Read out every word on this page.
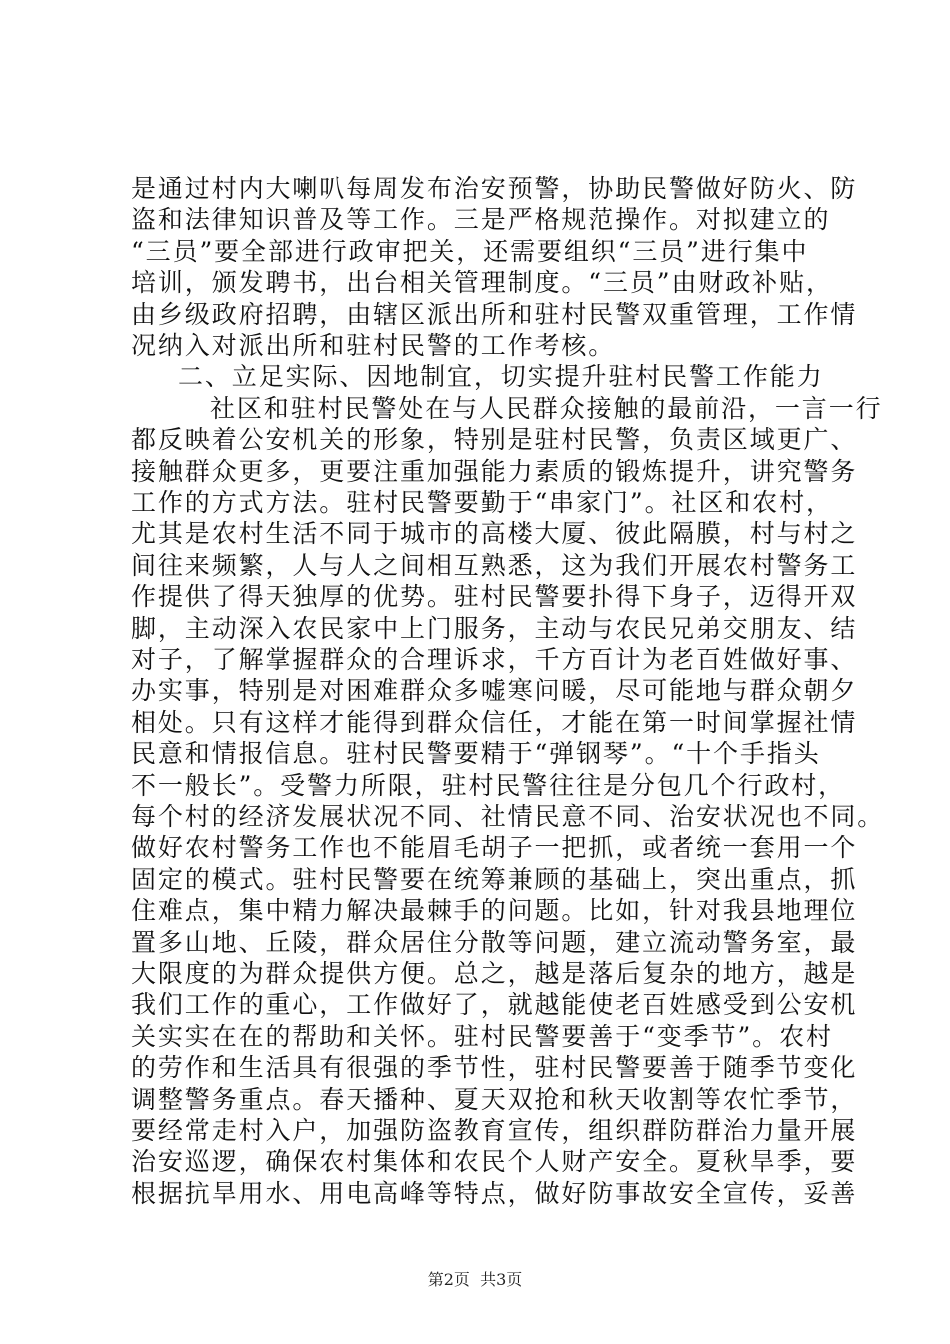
是通过村内大喇叭每周发布治安预警，协助民警做好防火、防
盗和法律知识普及等工作。三是严格规范操作。对拟建立的
“三员”要全部进行政审把关，还需要组织“三员”进行集中
培训，颁发聘书，出台相关管理制度。“三员”由财政补贴，
由乡级政府招聘，由辖区派出所和驻村民警双重管理，工作情
况纳入对派出所和驻村民警的工作考核。
二、立足实际、因地制宜，切实提升驻村民警工作能力
社区和驻村民警处在与人民群众接触的最前沿，一言一行
都反映着公安机关的形象，特别是驻村民警，负责区域更广、
接触群众更多，更要注重加强能力素质的锻炼提升，讲究警务
工作的方式方法。驻村民警要勤于“串家门”。社区和农村，
尤其是农村生活不同于城市的高楼大厦、彼此隔膜，村与村之
间往来频繁，人与人之间相互熟悉，这为我们开展农村警务工
作提供了得天独厚的优势。驻村民警要扑得下身子，迈得开双
脚，主动深入农民家中上门服务，主动与农民兄弟交朋友、结
对子，了解掌握群众的合理诉求，千方百计为老百姓做好事、
办实事，特别是对困难群众多嘘寒问暖，尽可能地与群众朝夕
相处。只有这样才能得到群众信任，才能在第一时间掌握社情
民意和情报信息。驻村民警要精于“弹钢琴”。“十个手指头
不一般长”。受警力所限，驻村民警往往是分包几个行政村，
每个村的经济发展状况不同、社情民意不同、治安状况也不同。
做好农村警务工作也不能眉毛胡子一把抓，或者统一套用一个
固定的模式。驻村民警要在统筹兼顾的基础上，突出重点，抓
住难点，集中精力解决最棘手的问题。比如，针对我县地理位
置多山地、丘陵，群众居住分散等问题，建立流动警务室，最
大限度的为群众提供方便。总之，越是落后复杂的地方，越是
我们工作的重心，工作做好了，就越能使老百姓感受到公安机
关实实在在的帮助和关怀。驻村民警要善于“变季节”。农村
的劳作和生活具有很强的季节性，驻村民警要善于随季节变化
调整警务重点。春天播种、夏天双抢和秋天收割等农忙季节，
要经常走村入户，加强防盗教育宣传，组织群防群治力量开展
治安巡逻，确保农村集体和农民个人财产安全。夏秋旱季，要
根据抗旱用水、用电高峰等特点，做好防事故安全宣传，妥善
第2页  共3页
